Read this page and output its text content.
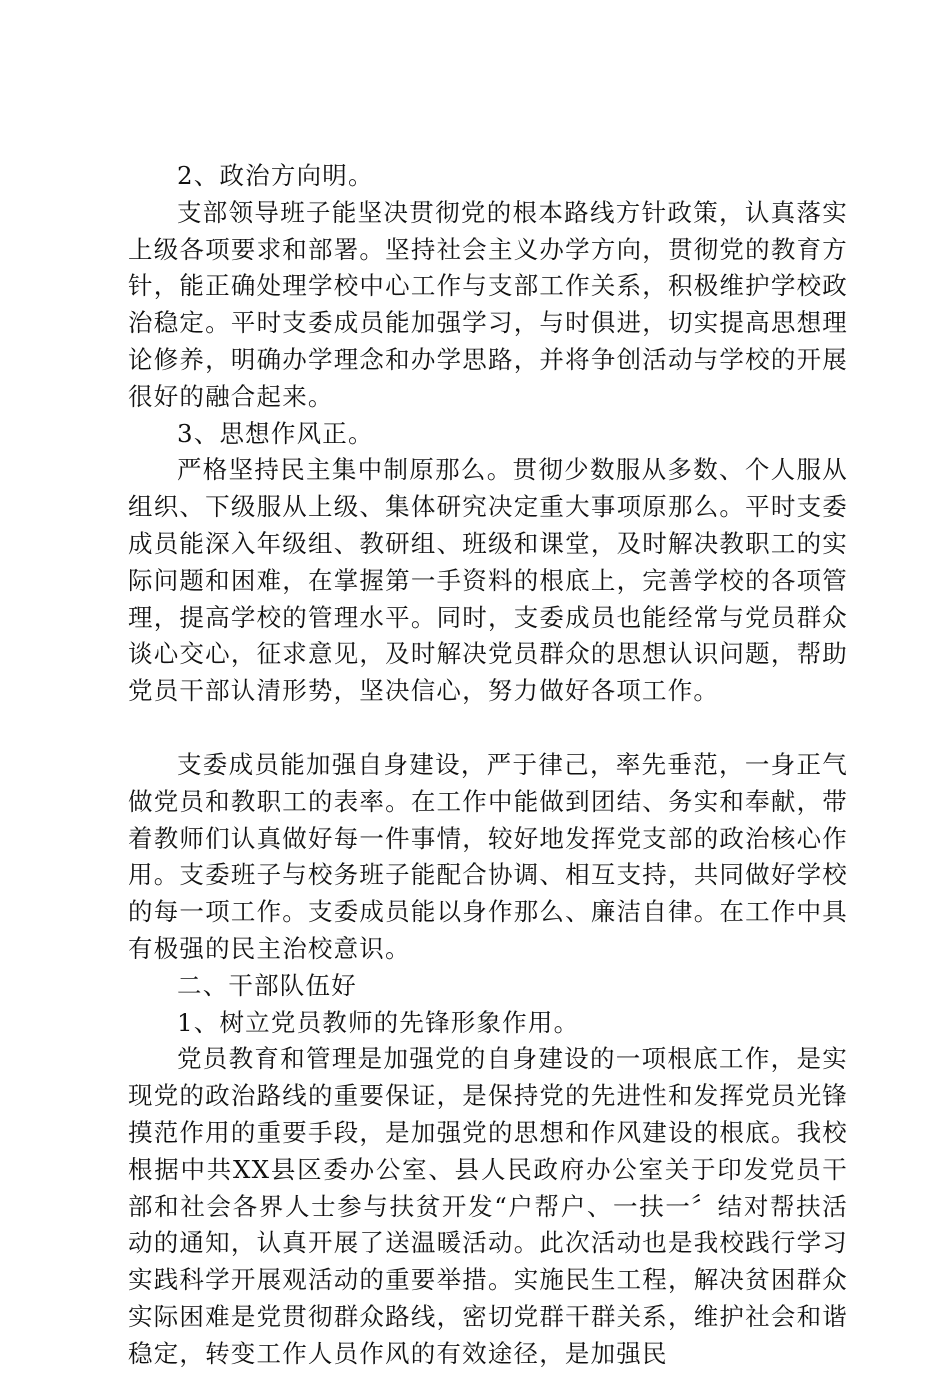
2、政治方向明。

支部领导班子能坚决贯彻党的根本路线方针政策，认真落实上级各项要求和部署。坚持社会主义办学方向，贯彻党的教育方针，能正确处理学校中心工作与支部工作关系，积极维护学校政治稳定。平时支委成员能加强学习，与时俱进，切实提高思想理论修养，明确办学理念和办学思路，并将争创活动与学校的开展很好的融合起来。

3、思想作风正。

严格坚持民主集中制原那么。贯彻少数服从多数、个人服从组织、下级服从上级、集体研究决定重大事项原那么。平时支委成员能深入年级组、教研组、班级和课堂，及时解决教职工的实际问题和困难，在掌握第一手资料的根底上，完善学校的各项管理，提高学校的管理水平。同时，支委成员也能经常与党员群众谈心交心，征求意见，及时解决党员群众的思想认识问题，帮助党员干部认清形势，坚决信心，努力做好各项工作。

支委成员能加强自身建设，严于律己，率先垂范，一身正气做党员和教职工的表率。在工作中能做到团结、务实和奉献，带着教师们认真做好每一件事情，较好地发挥党支部的政治核心作用。支委班子与校务班子能配合协调、相互支持，共同做好学校的每一项工作。支委成员能以身作那么、廉洁自律。在工作中具有极强的民主治校意识。

二、干部队伍好

1、树立党员教师的先锋形象作用。

党员教育和管理是加强党的自身建设的一项根底工作，是实现党的政治路线的重要保证，是保持党的先进性和发挥党员光锋摸范作用的重要手段，是加强党的思想和作风建设的根底。我校根据中共XX县区委办公室、县人民政府办公室关于印发党员干部和社会各界人士参与扶贫开发“户帮户、一扶一〞结对帮扶活动的通知，认真开展了送温暖活动。此次活动也是我校践行学习实践科学开展观活动的重要举措。实施民生工程，解决贫困群众实际困难是党贯彻群众路线，密切党群干群关系，维护社会和谐稳定，转变工作人员作风的有效途径，是加强民
